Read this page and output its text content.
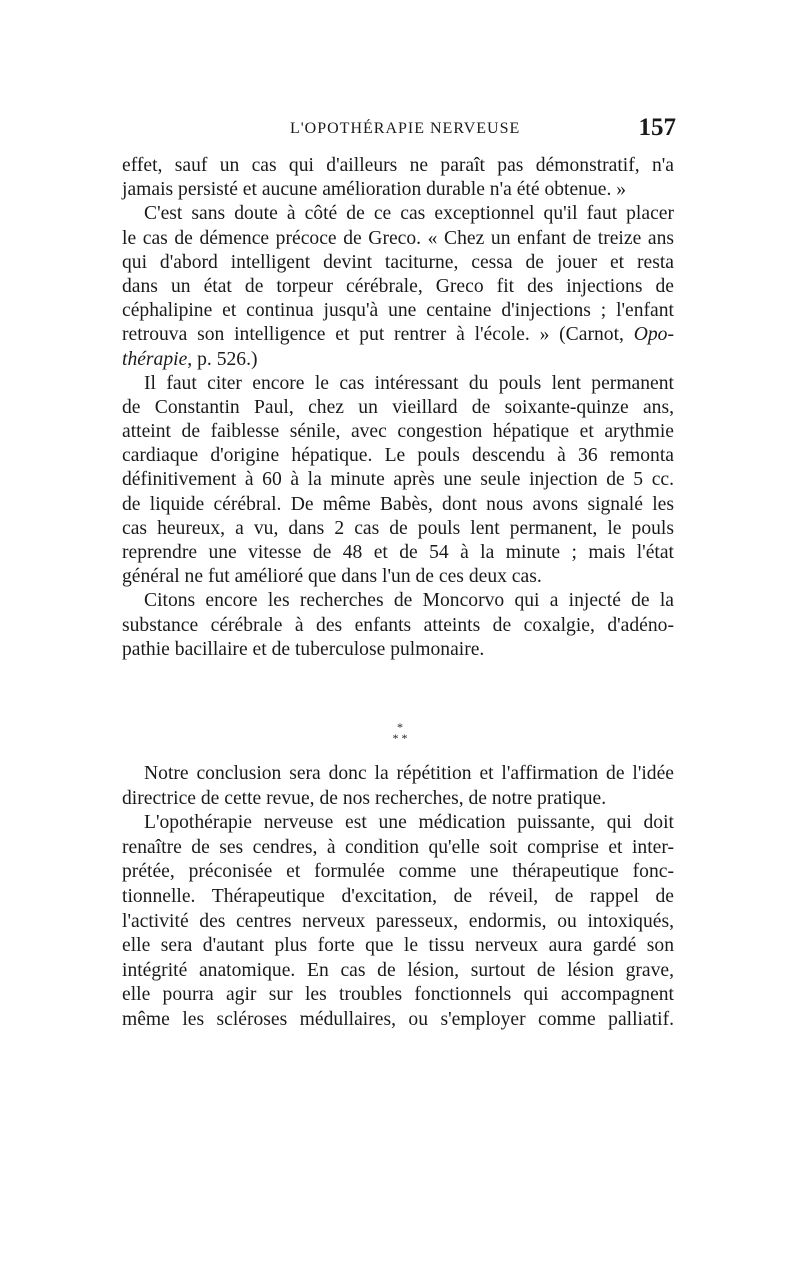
L'OPOTHÉRAPIE NERVEUSE	157
effet, sauf un cas qui d'ailleurs ne paraît pas démonstratif, n'a
jamais persisté et aucune amélioration durable n'a été obtenue. »
C'est sans doute à côté de ce cas exceptionnel qu'il faut placer
le cas de démence précoce de Greco. « Chez un enfant de treize ans
qui d'abord intelligent devint taciturne, cessa de jouer et resta
dans un état de torpeur cérébrale, Greco fit des injections de
céphalipine et continua jusqu'à une centaine d'injections ; l'enfant
retrouva son intelligence et put rentrer à l'école. » (Carnot, Opo-
thérapie, p. 526.)
Il faut citer encore le cas intéressant du pouls lent permanent
de Constantin Paul, chez un vieillard de soixante-quinze ans,
atteint de faiblesse sénile, avec congestion hépatique et arythmie
cardiaque d'origine hépatique. Le pouls descendu à 36 remonta
définitivement à 60 à la minute après une seule injection de 5 cc.
de liquide cérébral. De même Babès, dont nous avons signalé les
cas heureux, a vu, dans 2 cas de pouls lent permanent, le pouls
reprendre une vitesse de 48 et de 54 à la minute ; mais l'état
général ne fut amélioré que dans l'un de ces deux cas.
Citons encore les recherches de Moncorvo qui a injecté de la
substance cérébrale à des enfants atteints de coxalgie, d'adéno-
pathie bacillaire et de tuberculose pulmonaire.
*
* *
Notre conclusion sera donc la répétition et l'affirmation de l'idée
directrice de cette revue, de nos recherches, de notre pratique.
L'opothérapie nerveuse est une médication puissante, qui doit
renaître de ses cendres, à condition qu'elle soit comprise et inter-
prétée, préconisée et formulée comme une thérapeutique fonc-
tionnelle. Thérapeutique d'excitation, de réveil, de rappel de
l'activité des centres nerveux paresseux, endormis, ou intoxiqués,
elle sera d'autant plus forte que le tissu nerveux aura gardé son
intégrité anatomique. En cas de lésion, surtout de lésion grave,
elle pourra agir sur les troubles fonctionnels qui accompagnent
même les scléroses médullaires, ou s'employer comme palliatif.
